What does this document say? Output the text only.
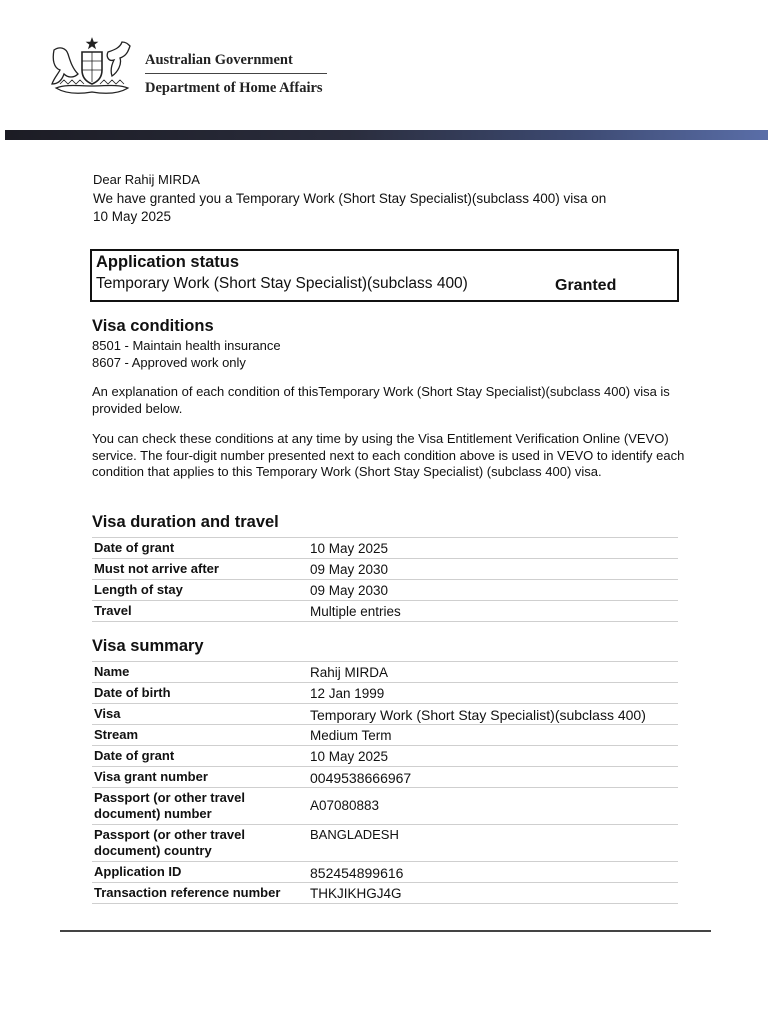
Australian Government
Department of Home Affairs
Dear Rahij MIRDA
We have granted you a Temporary Work (Short Stay Specialist)(subclass 400) visa on
10 May 2025
Application status
Temporary Work (Short Stay Specialist)(subclass 400)	Granted
Visa conditions
8501 - Maintain health insurance
8607 - Approved work only
An explanation of each condition of thisTemporary Work (Short Stay Specialist)(subclass 400) visa is provided below.
You can check these conditions at any time by using the Visa Entitlement Verification Online (VEVO) service. The four-digit number presented next to each condition above is used in VEVO to identify each condition that applies to this Temporary Work (Short Stay Specialist) (subclass 400) visa.
Visa duration and travel
Date of grant	10 May 2025
Must not arrive after	09 May 2030
Length of stay	09 May 2030
Travel	Multiple entries
Visa summary
Name	Rahij MIRDA
Date of birth	12 Jan 1999
Visa	Temporary Work (Short Stay Specialist)(subclass 400)
Stream	Medium Term
Date of grant	10 May 2025
Visa grant number	0049538666967
Passport (or other travel document) number	A07080883
Passport (or other travel document) country	BANGLADESH
Application ID	852454899616
Transaction reference number	THKJIKHGJ4G
